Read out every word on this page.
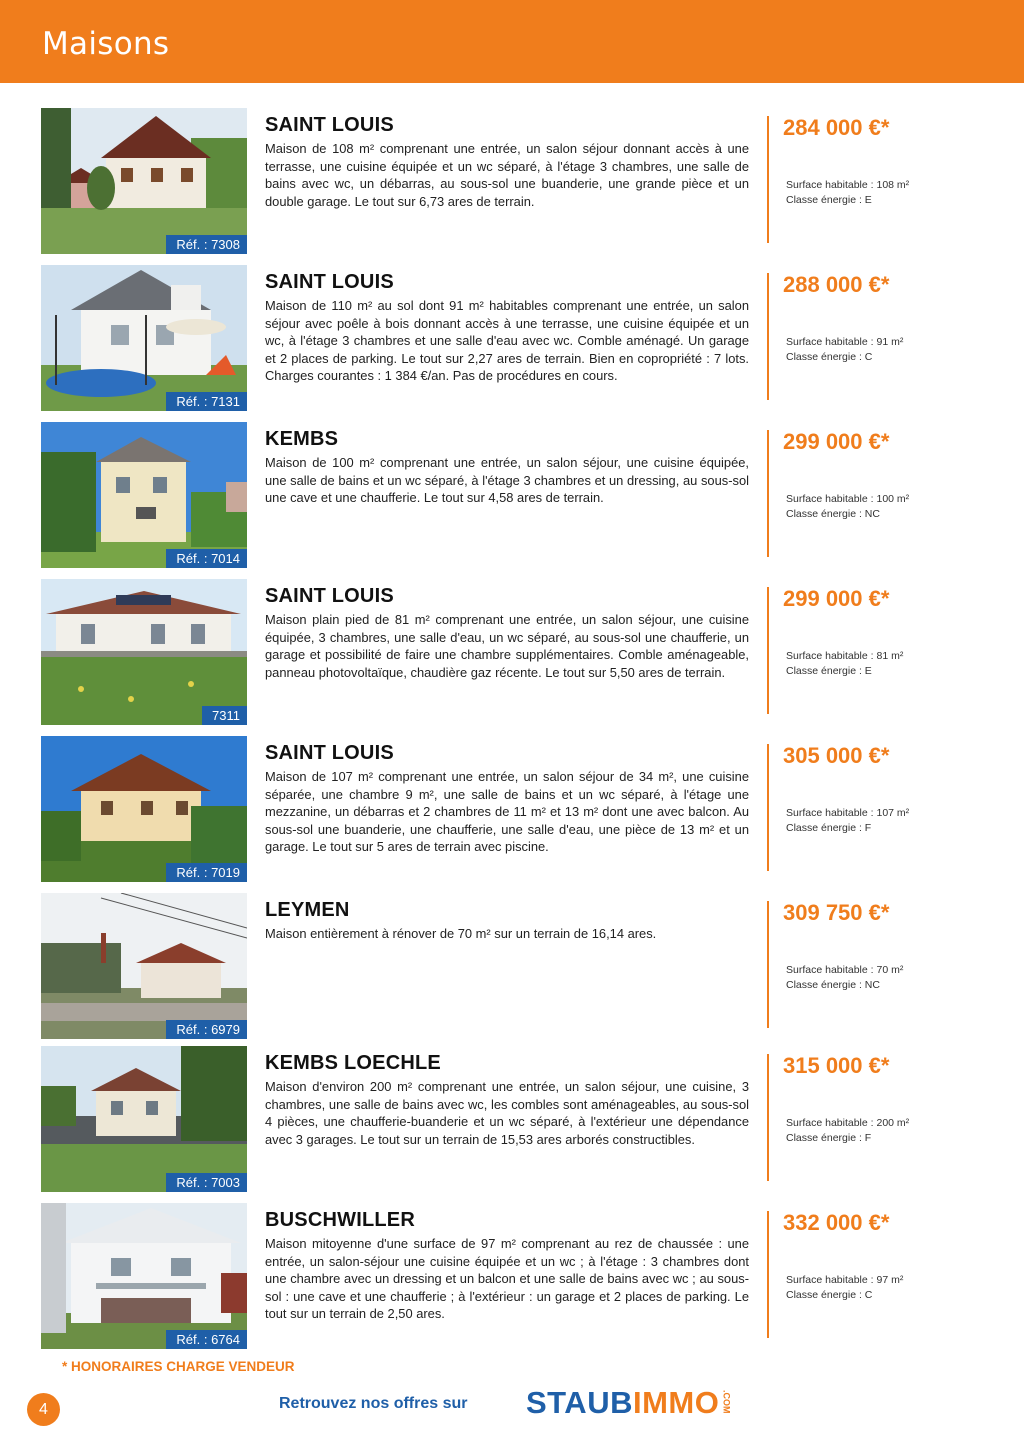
Maisons
Réf. : 7308
SAINT LOUIS
Maison de 108 m² comprenant une entrée, un salon séjour donnant accès à une terrasse, une cuisine équipée et un wc séparé, à l'étage 3 chambres, une salle de bains avec wc, un débarras, au sous-sol une buanderie, une grande pièce et un double garage. Le tout sur 6,73 ares de terrain.
284 000 €*
Surface habitable : 108 m²
Classe énergie : E
Réf. : 7131
SAINT LOUIS
Maison de 110 m² au sol dont 91 m² habitables comprenant une entrée, un salon séjour avec poêle à bois donnant accès à une terrasse, une cuisine équipée et un wc, à l'étage 3 chambres et une salle d'eau avec wc. Comble aménagé. Un garage et 2 places de parking. Le tout sur 2,27 ares de terrain. Bien en copropriété : 7 lots. Charges courantes : 1 384 €/an. Pas de procédures en cours.
288 000 €*
Surface habitable : 91 m²
Classe énergie : C
Réf. : 7014
KEMBS
Maison de 100 m² comprenant une entrée, un salon séjour, une cuisine équipée, une salle de bains et un wc séparé, à l'étage 3 chambres et un dressing, au sous-sol une cave et une chaufferie. Le tout sur 4,58 ares de terrain.
299 000 €*
Surface habitable : 100 m²
Classe énergie : NC
7311
SAINT LOUIS
Maison plain pied de 81 m² comprenant une entrée, un salon séjour, une cuisine équipée, 3 chambres, une salle d'eau, un wc séparé, au sous-sol une chaufferie, un garage et possibilité de faire une chambre supplémentaires. Comble aménageable, panneau photovoltaïque, chaudière gaz récente. Le tout sur 5,50 ares de terrain.
299 000 €*
Surface habitable : 81 m²
Classe énergie : E
Réf. : 7019
SAINT LOUIS
Maison de 107 m² comprenant une entrée, un salon séjour de 34 m², une cuisine séparée, une chambre 9 m², une salle de bains et un wc séparé, à l'étage une mezzanine, un débarras et 2 chambres de 11 m² et 13 m² dont une avec balcon. Au sous-sol une buanderie, une chaufferie, une salle d'eau, une pièce de 13 m² et un garage. Le tout sur 5 ares de terrain avec piscine.
305 000 €*
Surface habitable : 107 m²
Classe énergie : F
Réf. : 6979
LEYMEN
Maison entièrement à rénover de 70 m² sur un terrain de 16,14 ares.
309 750 €*
Surface habitable : 70 m²
Classe énergie : NC
Réf. : 7003
KEMBS LOECHLE
Maison d'environ 200 m² comprenant une entrée, un salon séjour, une cuisine, 3 chambres, une salle de bains avec wc, les combles sont aménageables, au sous-sol 4 pièces, une chaufferie-buanderie et un wc séparé, à l'extérieur une dépendance avec 3 garages. Le tout sur un terrain de 15,53 ares arborés constructibles.
315 000 €*
Surface habitable : 200 m²
Classe énergie : F
Réf. : 6764
BUSCHWILLER
Maison mitoyenne d'une surface de 97 m² comprenant au rez de chaussée : une entrée, un salon-séjour une cuisine équipée et un wc ; à l'étage : 3 chambres dont une chambre avec un dressing et un balcon et une salle de bains avec wc ; au sous-sol : une cave et une chaufferie ; à l'extérieur : un garage et 2 places de parking. Le tout sur un terrain de 2,50 ares.
332 000 €*
Surface habitable : 97 m²
Classe énergie : C
* HONORAIRES CHARGE VENDEUR
4	Retrouvez nos offres sur STAUB IMMO .COM
